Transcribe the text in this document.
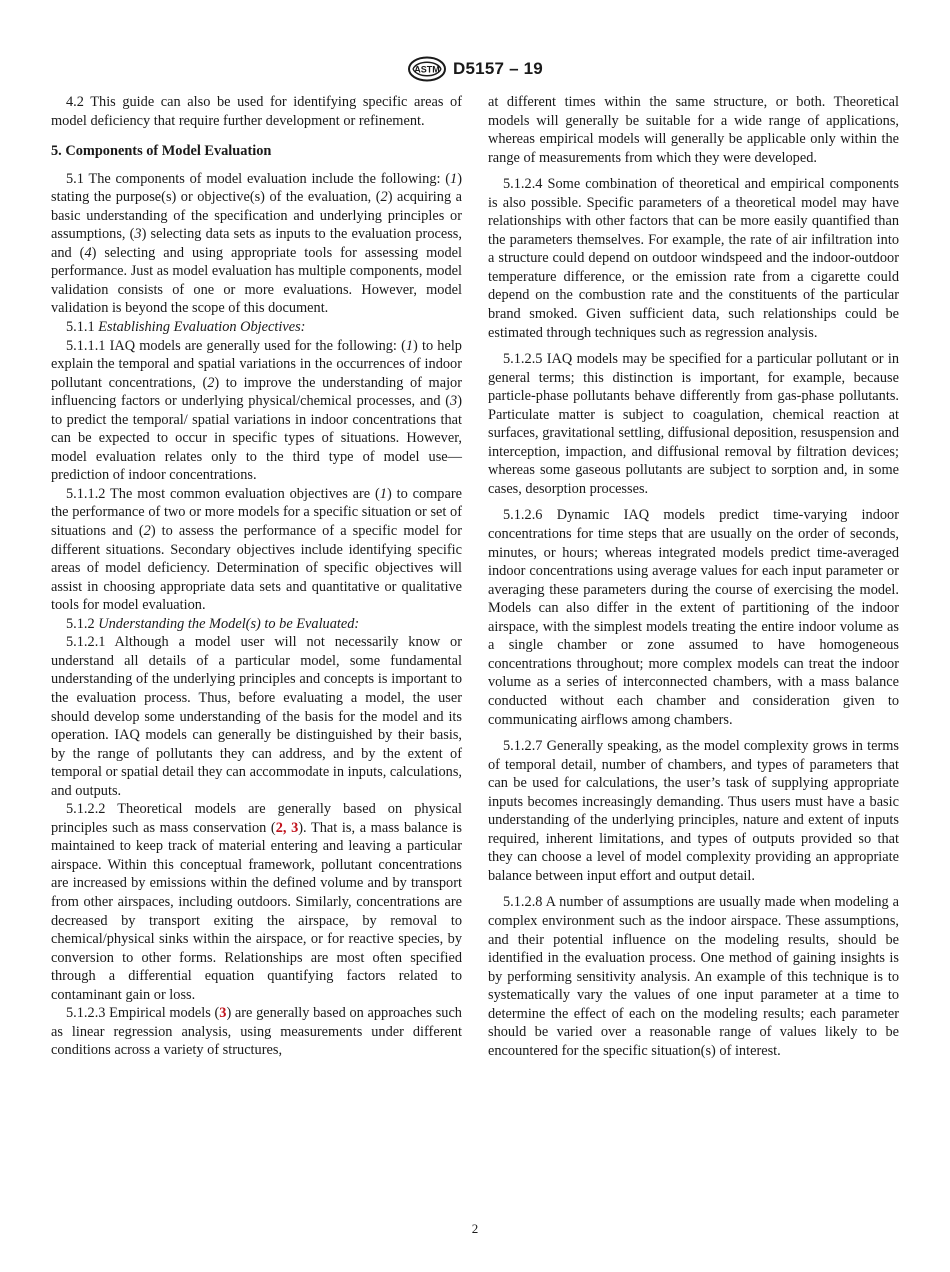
ASTM D5157 – 19

4.2 This guide can also be used for identifying specific areas of model deficiency that require further development or refinement.

5. Components of Model Evaluation

5.1 The components of model evaluation include the following: (1) stating the purpose(s) or objective(s) of the evaluation, (2) acquiring a basic understanding of the specification and underlying principles or assumptions, (3) selecting data sets as inputs to the evaluation process, and (4) selecting and using appropriate tools for assessing model performance. Just as model evaluation has multiple components, model validation consists of one or more evaluations. However, model validation is beyond the scope of this document.

5.1.1 Establishing Evaluation Objectives:

5.1.1.1 IAQ models are generally used for the following: (1) to help explain the temporal and spatial variations in the occurrences of indoor pollutant concentrations, (2) to improve the understanding of major influencing factors or underlying physical/chemical processes, and (3) to predict the temporal/ spatial variations in indoor concentrations that can be expected to occur in specific types of situations. However, model evaluation relates only to the third type of model use—prediction of indoor concentrations.

5.1.1.2 The most common evaluation objectives are (1) to compare the performance of two or more models for a specific situation or set of situations and (2) to assess the performance of a specific model for different situations. Secondary objectives include identifying specific areas of model deficiency. Determination of specific objectives will assist in choosing appropriate data sets and quantitative or qualitative tools for model evaluation.

5.1.2 Understanding the Model(s) to be Evaluated:

5.1.2.1 Although a model user will not necessarily know or understand all details of a particular model, some fundamental understanding of the underlying principles and concepts is important to the evaluation process. Thus, before evaluating a model, the user should develop some understanding of the basis for the model and its operation. IAQ models can generally be distinguished by their basis, by the range of pollutants they can address, and by the extent of temporal or spatial detail they can accommodate in inputs, calculations, and outputs.

5.1.2.2 Theoretical models are generally based on physical principles such as mass conservation (2, 3). That is, a mass balance is maintained to keep track of material entering and leaving a particular airspace. Within this conceptual framework, pollutant concentrations are increased by emissions within the defined volume and by transport from other airspaces, including outdoors. Similarly, concentrations are decreased by transport exiting the airspace, by removal to chemical/physical sinks within the airspace, or for reactive species, by conversion to other forms. Relationships are most often specified through a differential equation quantifying factors related to contaminant gain or loss.

5.1.2.3 Empirical models (3) are generally based on approaches such as linear regression analysis, using measurements under different conditions across a variety of structures,

at different times within the same structure, or both. Theoretical models will generally be suitable for a wide range of applications, whereas empirical models will generally be applicable only within the range of measurements from which they were developed.

5.1.2.4 Some combination of theoretical and empirical components is also possible. Specific parameters of a theoretical model may have relationships with other factors that can be more easily quantified than the parameters themselves. For example, the rate of air infiltration into a structure could depend on outdoor windspeed and the indoor-outdoor temperature difference, or the emission rate from a cigarette could depend on the combustion rate and the constituents of the particular brand smoked. Given sufficient data, such relationships could be estimated through techniques such as regression analysis.

5.1.2.5 IAQ models may be specified for a particular pollutant or in general terms; this distinction is important, for example, because particle-phase pollutants behave differently from gas-phase pollutants. Particulate matter is subject to coagulation, chemical reaction at surfaces, gravitational settling, diffusional deposition, resuspension and interception, impaction, and diffusional removal by filtration devices; whereas some gaseous pollutants are subject to sorption and, in some cases, desorption processes.

5.1.2.6 Dynamic IAQ models predict time-varying indoor concentrations for time steps that are usually on the order of seconds, minutes, or hours; whereas integrated models predict time-averaged indoor concentrations using average values for each input parameter or averaging these parameters during the course of exercising the model. Models can also differ in the extent of partitioning of the indoor airspace, with the simplest models treating the entire indoor volume as a single chamber or zone assumed to have homogeneous concentrations throughout; more complex models can treat the indoor volume as a series of interconnected chambers, with a mass balance conducted without each chamber and consideration given to communicating airflows among chambers.

5.1.2.7 Generally speaking, as the model complexity grows in terms of temporal detail, number of chambers, and types of parameters that can be used for calculations, the user’s task of supplying appropriate inputs becomes increasingly demanding. Thus users must have a basic understanding of the underlying principles, nature and extent of inputs required, inherent limitations, and types of outputs provided so that they can choose a level of model complexity providing an appropriate balance between input effort and output detail.

5.1.2.8 A number of assumptions are usually made when modeling a complex environment such as the indoor airspace. These assumptions, and their potential influence on the modeling results, should be identified in the evaluation process. One method of gaining insights is by performing sensitivity analysis. An example of this technique is to systematically vary the values of one input parameter at a time to determine the effect of each on the modeling results; each parameter should be varied over a reasonable range of values likely to be encountered for the specific situation(s) of interest.

2
